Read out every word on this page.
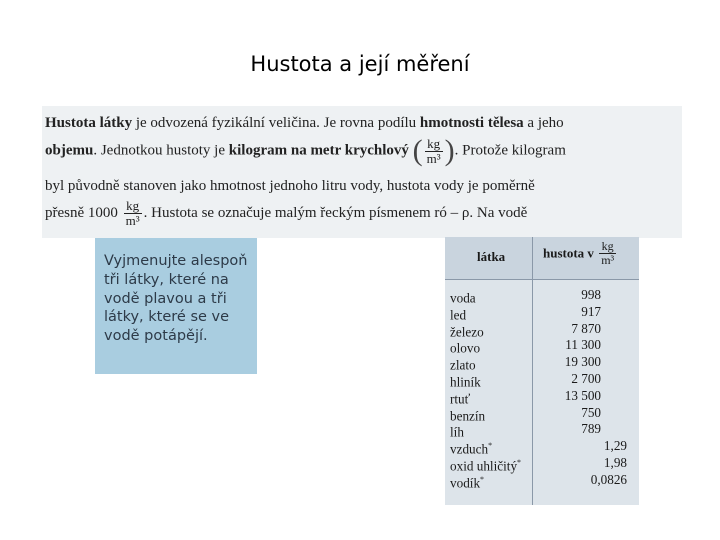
Hustota a její měření
Hustota látky je odvozená fyzikální veličina. Je rovna podílu hmotnosti tělesa a jeho
objemu. Jednotkou hustoty je kilogram na metr krychlový ( $\frac{kg}{\text{m³}}$ ). Protože kilogram
byl původně stanoven jako hmotnost jednoho litru vody, hustota vody je poměrně
přesně $1000 \frac{kg}{\text{m³}}$ . Hustota se označuje malým řeckým písmenem ró – ρ. Na vodě
Vyjmenujte alespoň tři látky, které na vodě plavou a tři látky, které se ve vodě potápějí.
látka	hustota v $\frac{kg}{\text{m³}}$
voda	998
led	917
železo	7 870
olovo	11 300
zlato	19 300
hliník	2 700
rtuť	13 500
benzín	750
líh	789
vzduch*	1,29
oxid uhličitý*	1,98
vodík*	0,0826
